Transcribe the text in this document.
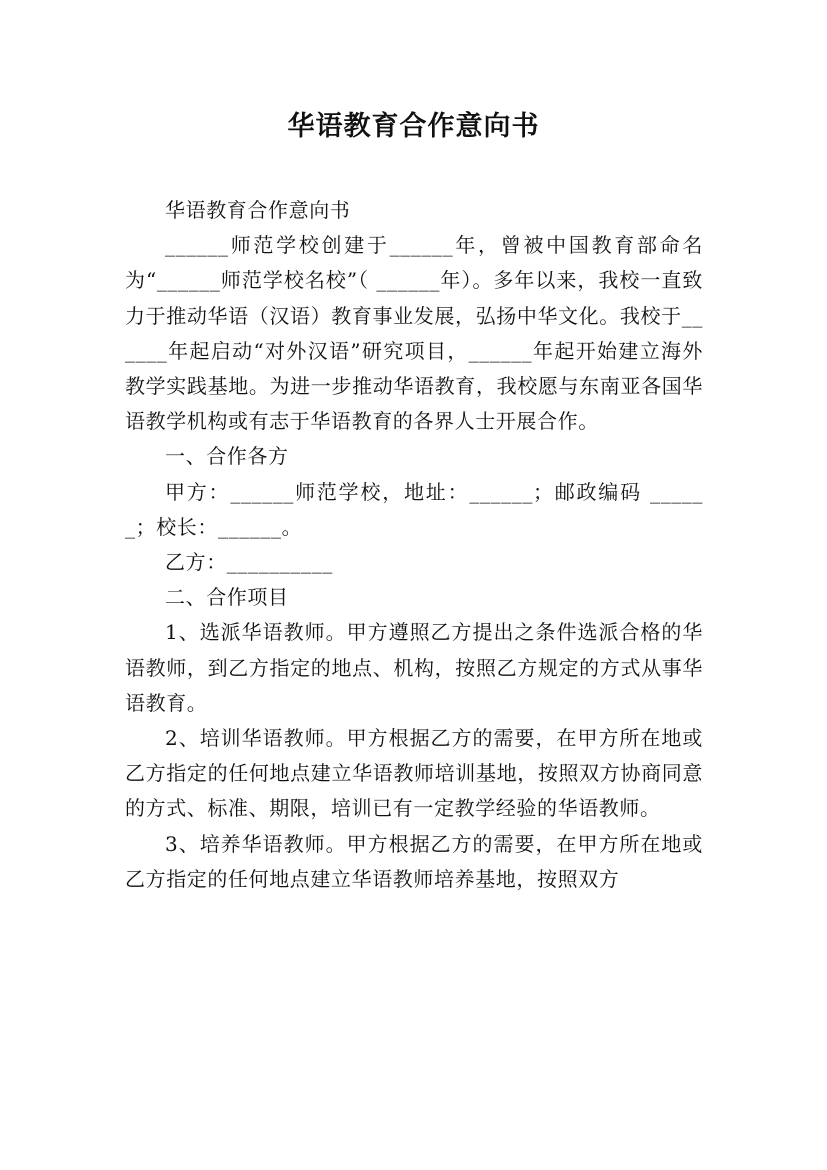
华语教育合作意向书

华语教育合作意向书

______师范学校创建于______年，曾被中国教育部命名为“______师范学校名校”（ ______年）。多年以来，我校一直致力于推动华语（汉语）教育事业发展，弘扬中华文化。我校于______年起启动“对外汉语”研究项目，______年起开始建立海外教学实践基地。为进一步推动华语教育，我校愿与东南亚各国华语教学机构或有志于华语教育的各界人士开展合作。

一、合作各方

甲方：______师范学校，地址：______；邮政编码 ______；校长：______。

乙方：__________

二、合作项目

1、选派华语教师。甲方遵照乙方提出之条件选派合格的华语教师，到乙方指定的地点、机构，按照乙方规定的方式从事华语教育。

2、培训华语教师。甲方根据乙方的需要，在甲方所在地或乙方指定的任何地点建立华语教师培训基地，按照双方协商同意的方式、标准、期限，培训已有一定教学经验的华语教师。

3、培养华语教师。甲方根据乙方的需要，在甲方所在地或乙方指定的任何地点建立华语教师培养基地，按照双方
